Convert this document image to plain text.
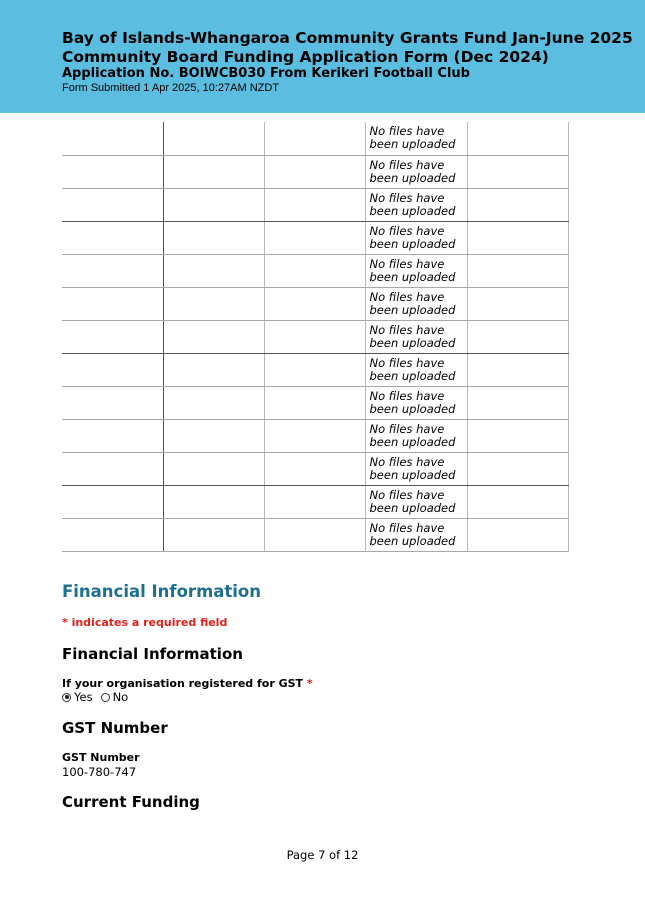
Bay of Islands-Whangaroa Community Grants Fund Jan-June 2025 Community Board Funding Application Form (Dec 2024)
Application No. BOIWCB030 From Kerikeri Football Club
Form Submitted 1 Apr 2025, 10:27AM NZDT
			No files have been uploaded	
			No files have been uploaded	
			No files have been uploaded	
			No files have been uploaded	
			No files have been uploaded	
			No files have been uploaded	
			No files have been uploaded	
			No files have been uploaded	
			No files have been uploaded	
			No files have been uploaded	
			No files have been uploaded	
			No files have been uploaded	
			No files have been uploaded	
Financial Information
* indicates a required field
Financial Information
If your organisation registered for GST *
Yes No
GST Number
GST Number
100-780-747
Current Funding
Page 7 of 12
